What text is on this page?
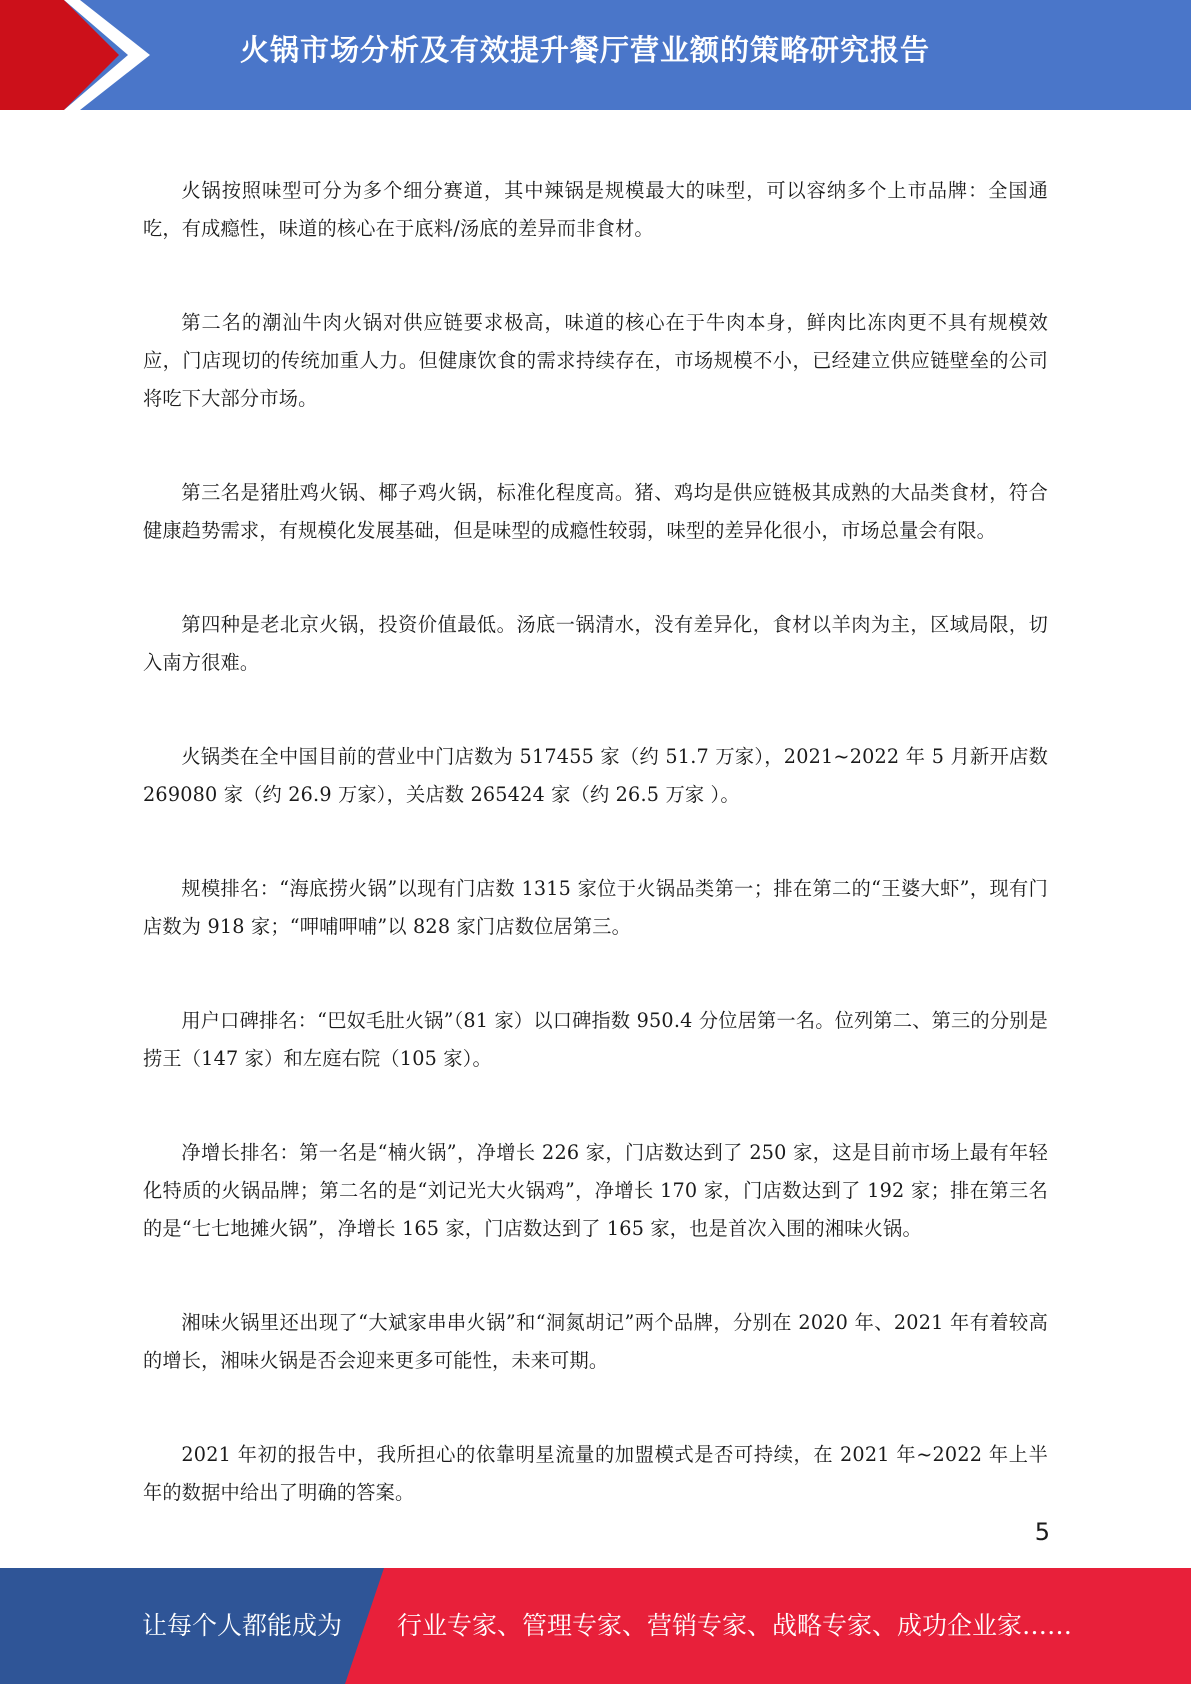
火锅市场分析及有效提升餐厅营业额的策略研究报告

火锅按照味型可分为多个细分赛道，其中辣锅是规模最大的味型，可以容纳多个上市品牌：全国通吃，有成瘾性，味道的核心在于底料/汤底的差异而非食材。

第二名的潮汕牛肉火锅对供应链要求极高，味道的核心在于牛肉本身，鲜肉比冻肉更不具有规模效应，门店现切的传统加重人力。但健康饮食的需求持续存在，市场规模不小，已经建立供应链壁垒的公司将吃下大部分市场。

第三名是猪肚鸡火锅、椰子鸡火锅，标准化程度高。猪、鸡均是供应链极其成熟的大品类食材，符合健康趋势需求，有规模化发展基础，但是味型的成瘾性较弱，味型的差异化很小，市场总量会有限。

第四种是老北京火锅，投资价值最低。汤底一锅清水，没有差异化，食材以羊肉为主，区域局限，切入南方很难。

火锅类在全中国目前的营业中门店数为 517455 家（约 51.7 万家），2021~2022 年 5 月新开店数 269080 家（约 26.9 万家），关店数 265424 家（约 26.5 万家 ）。

规模排名：“海底捞火锅”以现有门店数 1315 家位于火锅品类第一；排在第二的“王婆大虾”，现有门店数为 918 家；“呷哺呷哺”以 828 家门店数位居第三。

用户口碑排名：“巴奴毛肚火锅”（81 家）以口碑指数 950.4 分位居第一名。位列第二、第三的分别是捞王（147 家）和左庭右院（105 家）。

净增长排名：第一名是“楠火锅”，净增长 226 家，门店数达到了 250 家，这是目前市场上最有年轻化特质的火锅品牌；第二名的是“刘记光大火锅鸡”，净增长 170 家，门店数达到了 192 家；排在第三名的是“七七地摊火锅”，净增长 165 家，门店数达到了 165 家，也是首次入围的湘味火锅。

湘味火锅里还出现了“大斌家串串火锅”和“洞氮胡记”两个品牌，分别在 2020 年、2021 年有着较高的增长，湘味火锅是否会迎来更多可能性，未来可期。

2021 年初的报告中，我所担心的依靠明星流量的加盟模式是否可持续，在 2021 年~2022 年上半年的数据中给出了明确的答案。

5
让每个人都能成为 行业专家、管理专家、营销专家、战略专家、成功企业家……
